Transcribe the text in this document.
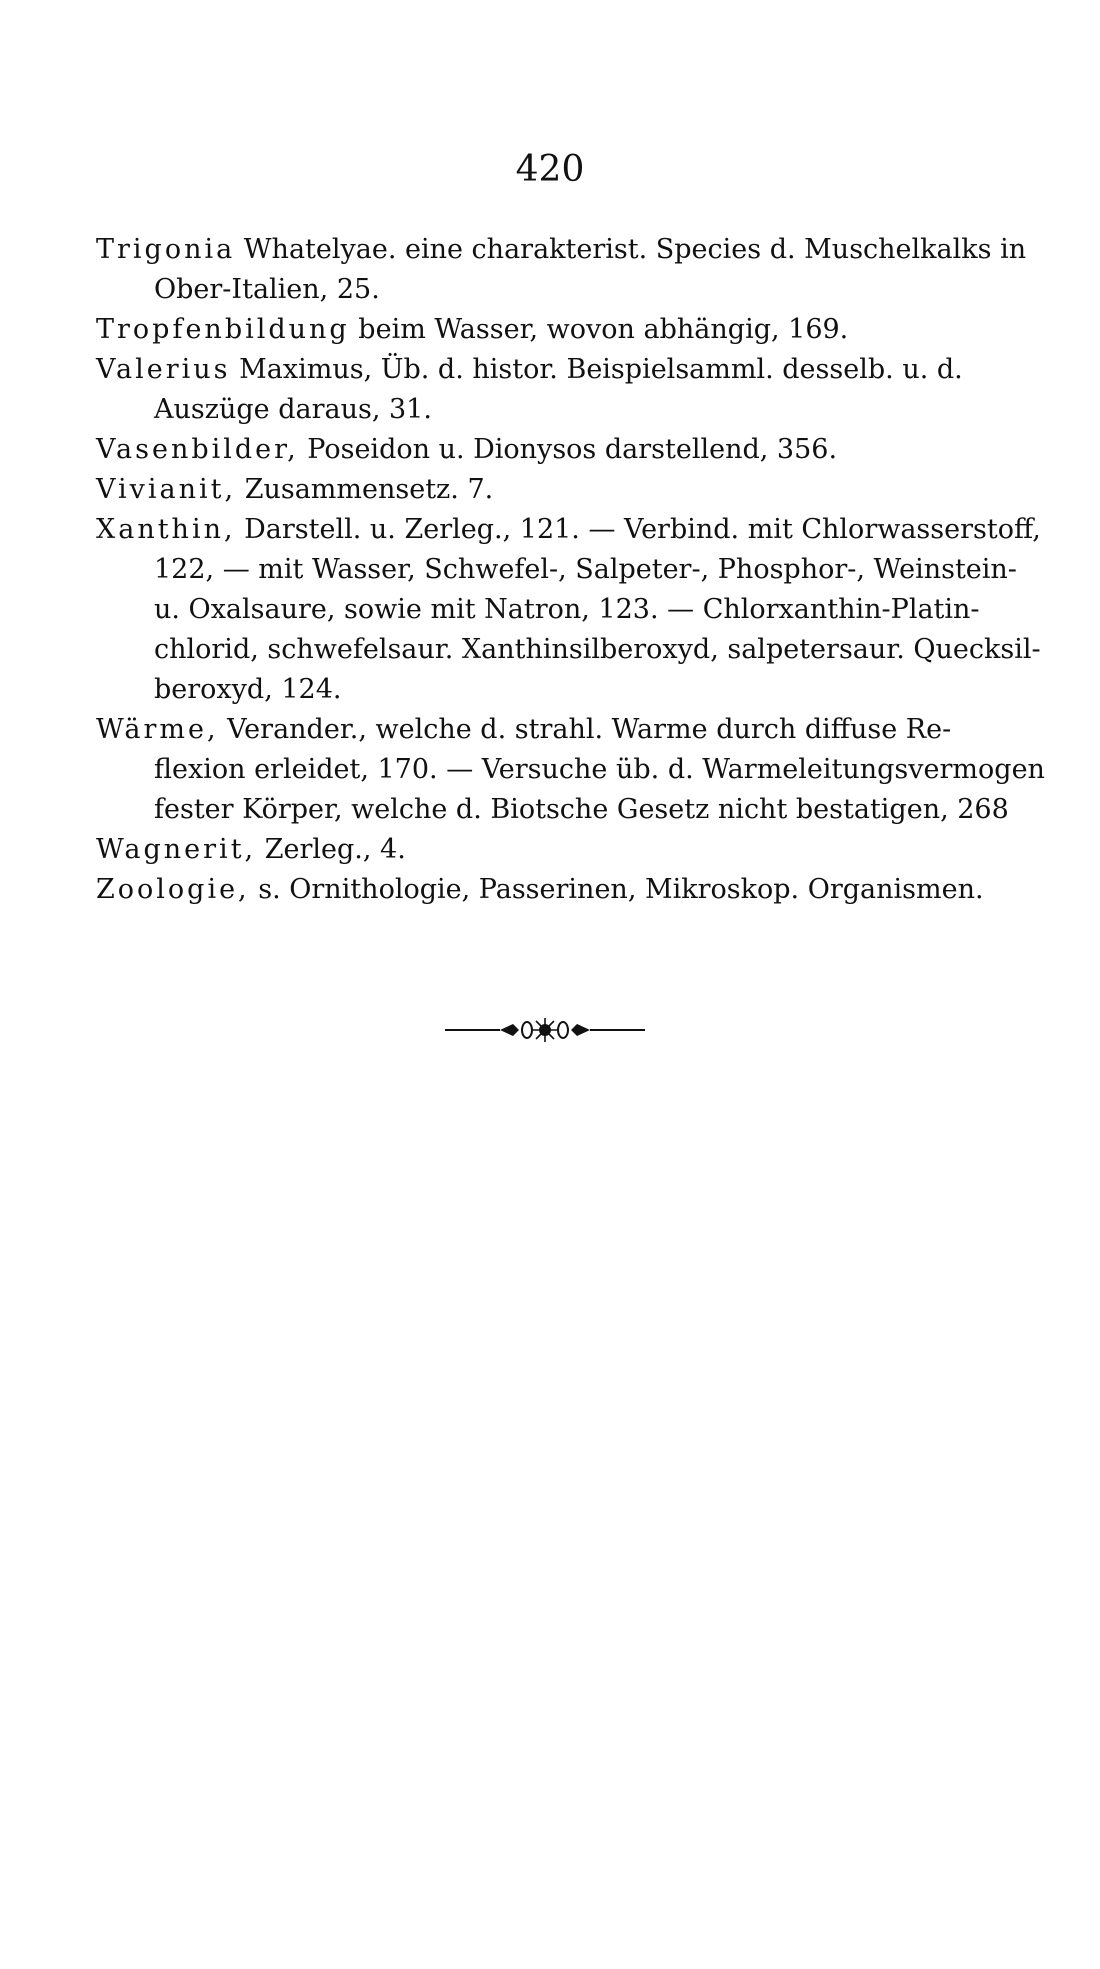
420

Trigonia Whatelyae. eine charakterist. Species d. Muschelkalks in
Ober-Italien, 25.

Tropfenbildung beim Wasser, wovon abhängig, 169.

Valerius Maximus, Üb. d. histor. Beispielsamml. desselb. u. d.
Auszüge daraus, 31.

Vasenbilder, Poseidon u. Dionysos darstellend, 356.

Vivianit, Zusammensetz. 7.

Xanthin, Darstell. u. Zerleg., 121. — Verbind. mit Chlorwasserstoff,
122, — mit Wasser, Schwefel-, Salpeter-, Phosphor-, Weinstein-
u. Oxalsaure, sowie mit Natron, 123. — Chlorxanthin-Platin-
chlorid, schwefelsaur. Xanthinsilberoxyd, salpetersaur. Quecksil-
beroxyd, 124.

Wärme, Verander., welche d. strahl. Warme durch diffuse Re-
flexion erleidet, 170. — Versuche üb. d. Warmeleitungsvermogen
fester Körper, welche d. Biotsche Gesetz nicht bestatigen, 268

Wagnerit, Zerleg., 4.

Zoologie, s. Ornithologie, Passerinen, Mikroskop. Organismen.
